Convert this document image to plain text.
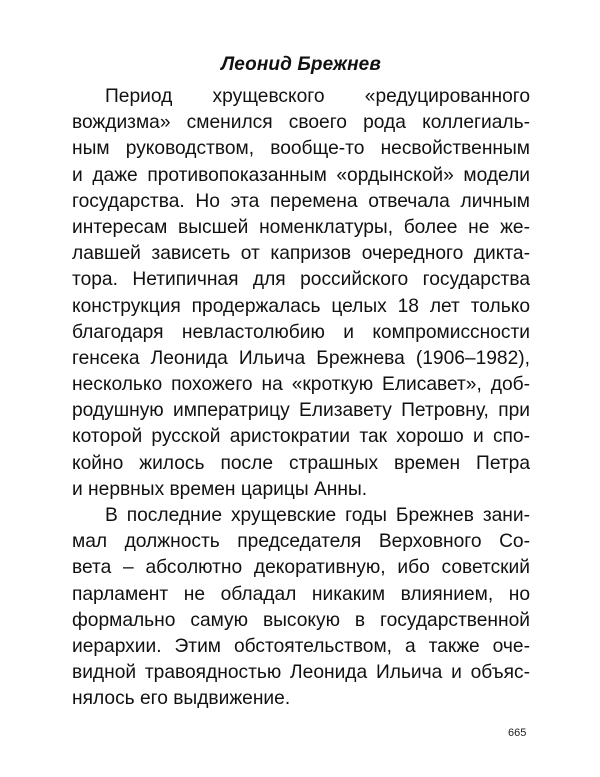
Леонид Брежнев
Период хрущевского «редуцированного
вождизма» сменился своего рода коллегиаль-
ным руководством, вообще-то несвойственным
и даже противопоказанным «ордынской» модели
государства. Но эта перемена отвечала личным
интересам высшей номенклатуры, более не же-
лавшей зависеть от капризов очередного дикта-
тора. Нетипичная для российского государства
конструкция продержалась целых 18 лет только
благодаря невластолюбию и компромиссности
генсека Леонида Ильича Брежнева (1906–1982),
несколько похожего на «кроткую Елисавет», доб-
родушную императрицу Елизавету Петровну, при
которой русской аристократии так хорошо и спо-
койно жилось после страшных времен Петра
и нервных времен царицы Анны.
В последние хрущевские годы Брежнев зани-
мал должность председателя Верховного Со-
вета – абсолютно декоративную, ибо советский
парламент не обладал никаким влиянием, но
формально самую высокую в государственной
иерархии. Этим обстоятельством, а также оче-
видной травоядностью Леонида Ильича и объяс-
нялось его выдвижение.
665
